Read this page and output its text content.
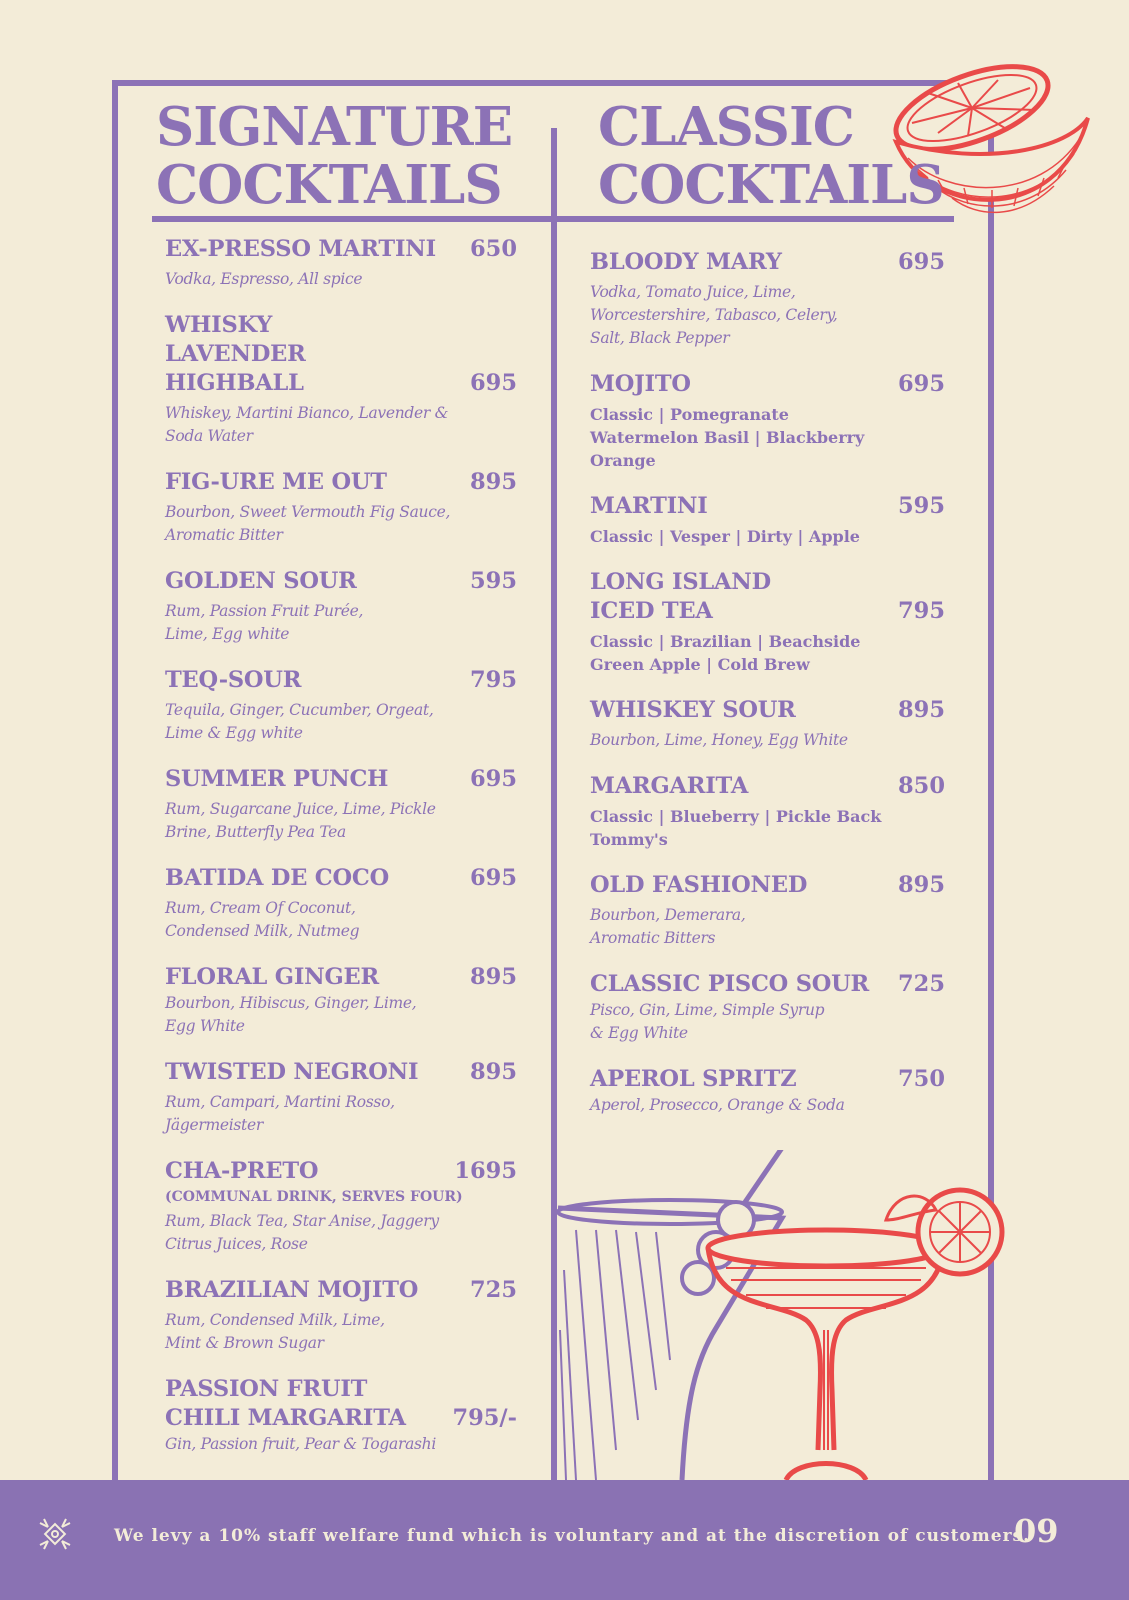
SIGNATURE
COCKTAILS
CLASSIC
COCKTAILS
EX-PRESSO MARTINI 650
Vodka, Espresso, All spice
WHISKY LAVENDER HIGHBALL	695
Whiskey, Martini Bianco, Lavender & Soda Water
FIG-URE ME OUT	895
Bourbon, Sweet Vermouth Fig Sauce, Aromatic Bitter
GOLDEN SOUR	595
Rum, Passion Fruit Purée, Lime, Egg white
TEQ-SOUR	795
Tequila, Ginger, Cucumber, Orgeat, Lime & Egg white
SUMMER PUNCH	695
Rum, Sugarcane Juice, Lime, Pickle Brine, Butterfly Pea Tea
BATIDA DE COCO	695
Rum, Cream Of Coconut, Condensed Milk, Nutmeg
FLORAL GINGER	895
Bourbon, Hibiscus, Ginger, Lime, Egg White
TWISTED NEGRONI 895
Rum, Campari, Martini Rosso, Jägermeister
CHA-PRETO	1695
(COMMUNAL DRINK, SERVES FOUR)
Rum, Black Tea, Star Anise, Jaggery Citrus Juices, Rose
BRAZILIAN MOJITO 725
Rum, Condensed Milk, Lime, Mint & Brown Sugar
PASSION FRUIT CHILI MARGARITA	795/-
Gin, Passion fruit, Pear & Togarashi
BLOODY MARY	695
Vodka, Tomato Juice, Lime, Worcestershire, Tabasco, Celery, Salt, Black Pepper
MOJITO	695
Classic | Pomegranate Watermelon Basil | Blackberry Orange
MARTINI	595
Classic | Vesper | Dirty | Apple
LONG ISLAND ICED TEA	795
Classic | Brazilian | Beachside Green Apple | Cold Brew
WHISKEY SOUR	895
Bourbon, Lime, Honey, Egg White
MARGARITA	850
Classic | Blueberry | Pickle Back Tommy's
OLD FASHIONED	895
Bourbon, Demerara, Aromatic Bitters
CLASSIC PISCO SOUR 725
Pisco, Gin, Lime, Simple Syrup & Egg White
APEROL SPRITZ	750
Aperol, Prosecco, Orange & Soda
We levy a 10% staff welfare fund which is voluntary and at the discretion of customers.
09
